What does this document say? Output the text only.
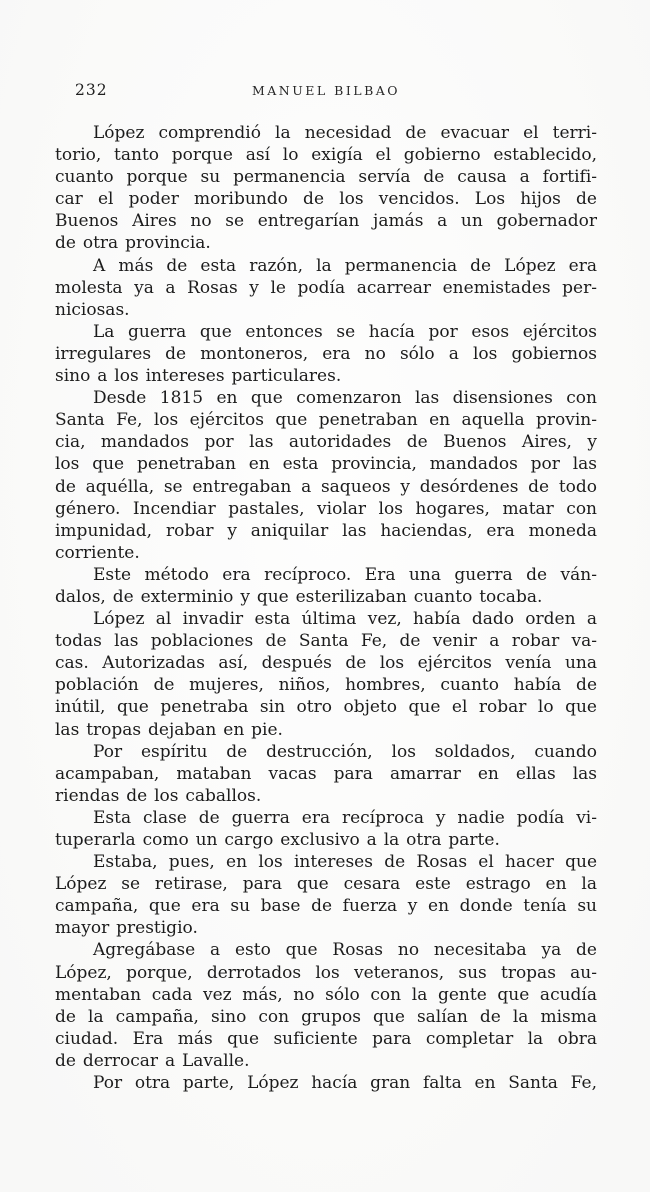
232	MANUEL BILBAO
López comprendió la necesidad de evacuar el terri-
torio, tanto porque así lo exigía el gobierno establecido,
cuanto porque su permanencia servía de causa a fortifi-
car el poder moribundo de los vencidos. Los hijos de
Buenos Aires no se entregarían jamás a un gobernador
de otra provincia.
A más de esta razón, la permanencia de López era
molesta ya a Rosas y le podía acarrear enemistades per-
niciosas.
La guerra que entonces se hacía por esos ejércitos
irregulares de montoneros, era no sólo a los gobiernos
sino a los intereses particulares.
Desde 1815 en que comenzaron las disensiones con
Santa Fe, los ejércitos que penetraban en aquella provin-
cia, mandados por las autoridades de Buenos Aires, y
los que penetraban en esta provincia, mandados por las
de aquélla, se entregaban a saqueos y desórdenes de todo
género. Incendiar pastales, violar los hogares, matar con
impunidad, robar y aniquilar las haciendas, era moneda
corriente.
Este método era recíproco. Era una guerra de ván-
dalos, de exterminio y que esterilizaban cuanto tocaba.
López al invadir esta última vez, había dado orden a
todas las poblaciones de Santa Fe, de venir a robar va-
cas. Autorizadas así, después de los ejércitos venía una
población de mujeres, niños, hombres, cuanto había de
inútil, que penetraba sin otro objeto que el robar lo que
las tropas dejaban en pie.
Por espíritu de destrucción, los soldados, cuando
acampaban, mataban vacas para amarrar en ellas las
riendas de los caballos.
Esta clase de guerra era recíproca y nadie podía vi-
tuperarla como un cargo exclusivo a la otra parte.
Estaba, pues, en los intereses de Rosas el hacer que
López se retirase, para que cesara este estrago en la
campaña, que era su base de fuerza y en donde tenía su
mayor prestigio.
Agregábase a esto que Rosas no necesitaba ya de
López, porque, derrotados los veteranos, sus tropas au-
mentaban cada vez más, no sólo con la gente que acudía
de la campaña, sino con grupos que salían de la misma
ciudad. Era más que suficiente para completar la obra
de derrocar a Lavalle.
Por otra parte, López hacía gran falta en Santa Fe,
